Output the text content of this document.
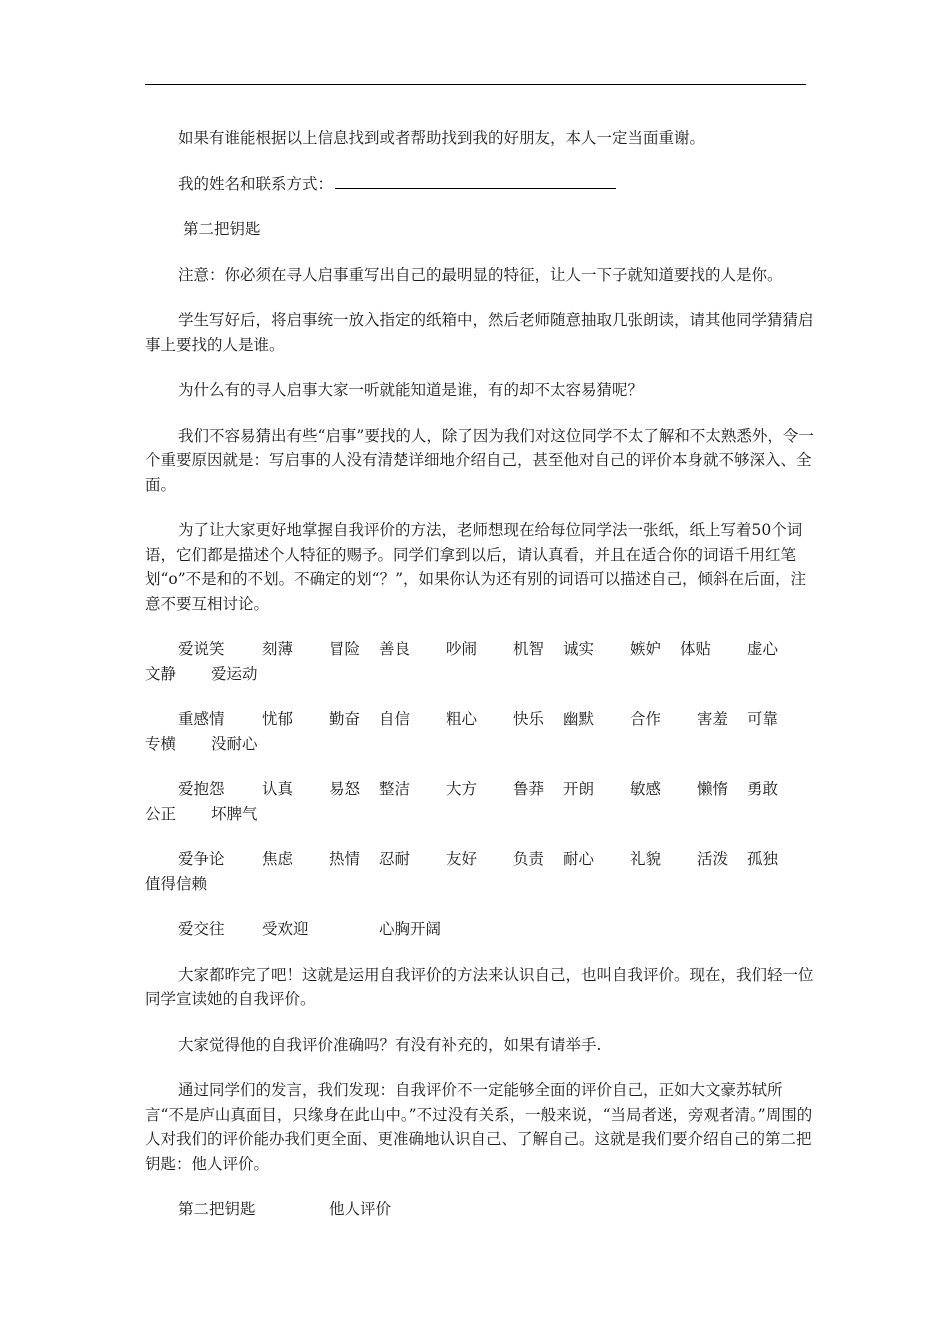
如果有谁能根据以上信息找到或者帮助找到我的好朋友，本人一定当面重谢。
我的姓名和联系方式：
第二把钥匙
注意：你必须在寻人启事重写出自己的最明显的特征，让人一下子就知道要找的人是你。
学生写好后，将启事统一放入指定的纸箱中，然后老师随意抽取几张朗读，请其他同学猜猜启事上要找的人是谁。
为什么有的寻人启事大家一听就能知道是谁，有的却不太容易猜呢？
我们不容易猜出有些“启事”要找的人，除了因为我们对这位同学不太了解和不太熟悉外，令一个重要原因就是：写启事的人没有清楚详细地介绍自己，甚至他对自己的评价本身就不够深入、全面。
为了让大家更好地掌握自我评价的方法，老师想现在给每位同学法一张纸，纸上写着50个词语，它们都是描述个人特征的赐予。同学们拿到以后，请认真看，并且在适合你的词语千用红笔划“o”不是和的不划。不确定的划“？”，如果你认为还有别的词语可以描述自己，倾斜在后面，注意不要互相讨论。
爱说笑 刻薄 冒险 善良 吵闹 机智 诚实 嫉妒 体贴 虚心
文静 爱运动
重感情 忧郁 勤奋 自信 粗心 快乐 幽默 合作 害羞 可靠
专横 没耐心
爱抱怨 认真 易怒 整洁 大方 鲁莽 开朗 敏感 懒惰 勇敢
公正 坏脾气
爱争论 焦虑 热情 忍耐 友好 负责 耐心 礼貌 活泼 孤独
值得信赖
爱交往 受欢迎	心胸开阔
大家都昨完了吧！这就是运用自我评价的方法来认识自己，也叫自我评价。现在，我们轻一位同学宣读她的自我评价。
大家觉得他的自我评价准确吗？有没有补充的，如果有请举手.
通过同学们的发言，我们发现：自我评价不一定能够全面的评价自己，正如大文豪苏轼所言“不是庐山真面目，只缘身在此山中。”不过没有关系，一般来说，“当局者迷，旁观者清。”周围的人对我们的评价能办我们更全面、更准确地认识自己、了解自己。这就是我们要介绍自己的第二把钥匙：他人评价。
第二把钥匙	他人评价
